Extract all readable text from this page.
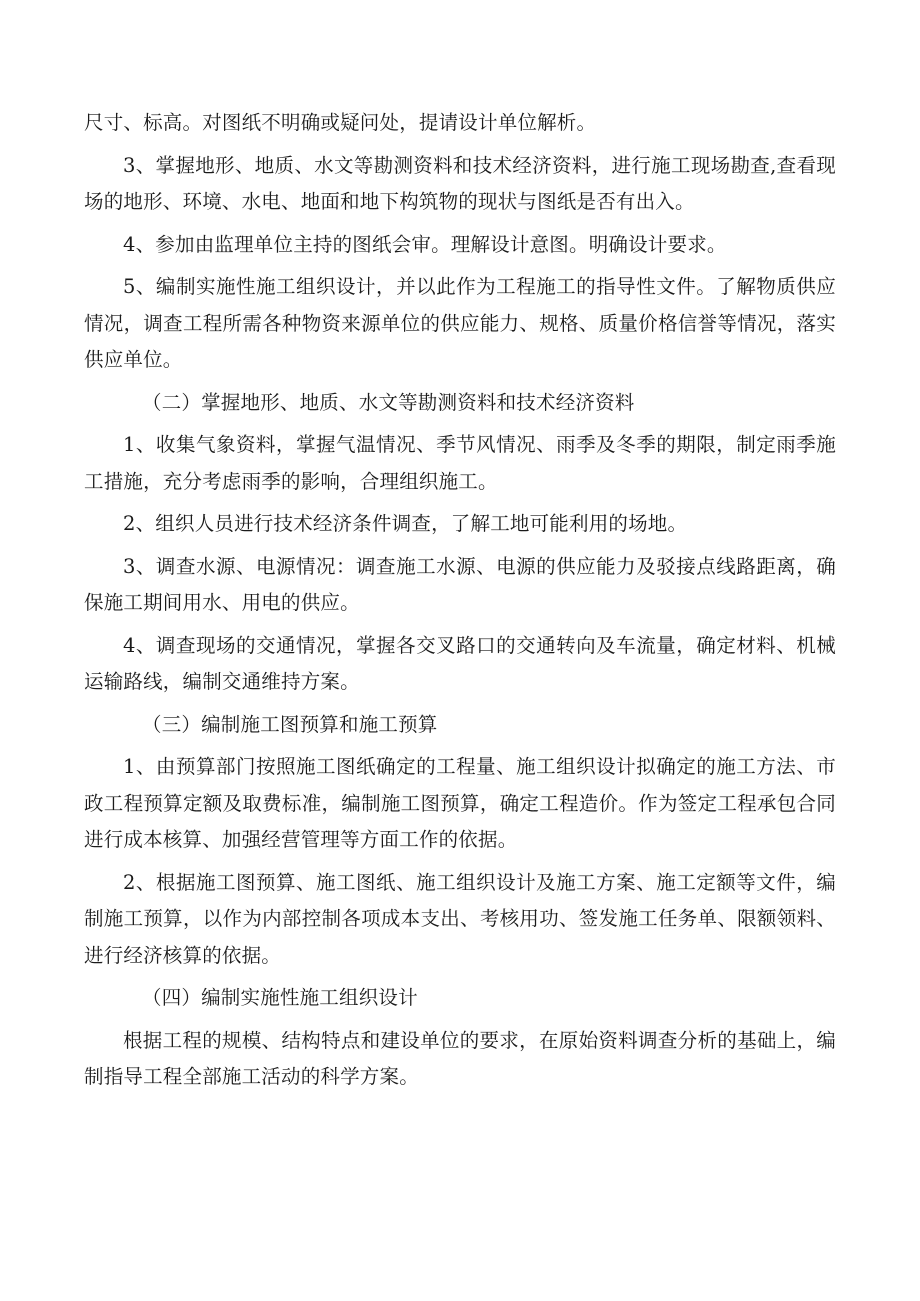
尺寸、标高。对图纸不明确或疑问处，提请设计单位解析。

3、掌握地形、地质、水文等勘测资料和技术经济资料，进行施工现场勘查,查看现场的地形、环境、水电、地面和地下构筑物的现状与图纸是否有出入。

4、参加由监理单位主持的图纸会审。理解设计意图。明确设计要求。

5、编制实施性施工组织设计，并以此作为工程施工的指导性文件。了解物质供应情况，调查工程所需各种物资来源单位的供应能力、规格、质量价格信誉等情况，落实供应单位。

（二）掌握地形、地质、水文等勘测资料和技术经济资料

1、收集气象资料，掌握气温情况、季节风情况、雨季及冬季的期限，制定雨季施工措施，充分考虑雨季的影响，合理组织施工。

2、组织人员进行技术经济条件调查，了解工地可能利用的场地。

3、调查水源、电源情况：调查施工水源、电源的供应能力及驳接点线路距离，确保施工期间用水、用电的供应。

4、调查现场的交通情况，掌握各交叉路口的交通转向及车流量，确定材料、机械运输路线，编制交通维持方案。

（三）编制施工图预算和施工预算

1、由预算部门按照施工图纸确定的工程量、施工组织设计拟确定的施工方法、市政工程预算定额及取费标准，编制施工图预算，确定工程造价。作为签定工程承包合同进行成本核算、加强经营管理等方面工作的依据。

2、根据施工图预算、施工图纸、施工组织设计及施工方案、施工定额等文件，编制施工预算，以作为内部控制各项成本支出、考核用功、签发施工任务单、限额领料、进行经济核算的依据。

（四）编制实施性施工组织设计

根据工程的规模、结构特点和建设单位的要求，在原始资料调查分析的基础上，编制指导工程全部施工活动的科学方案。
